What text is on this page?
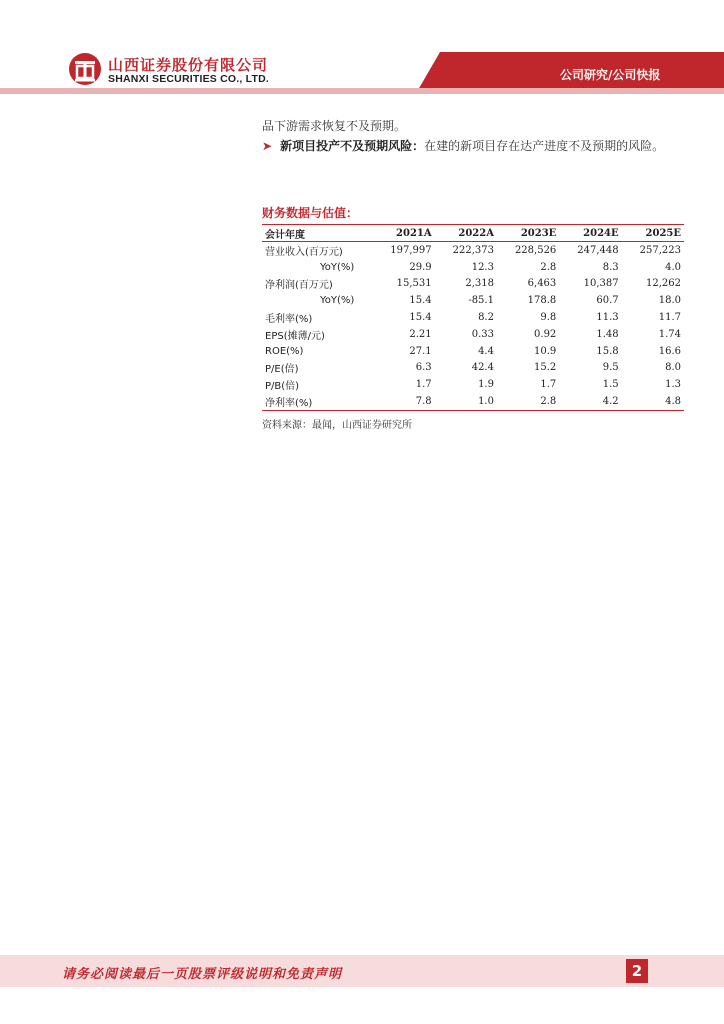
山西证券股份有限公司
SHANXI SECURITIES CO., LTD.	公司研究/公司快报
品下游需求恢复不及预期。
➤ 新项目投产不及预期风险：在建的新项目存在达产进度不及预期的风险。
财务数据与估值：
会计年度	2021A	2022A	2023E	2024E	2025E
营业收入(百万元)	197,997	222,373	228,526	247,448	257,223
YoY(%)	29.9	12.3	2.8	8.3	4.0
净利润(百万元)	15,531	2,318	6,463	10,387	12,262
YoY(%)	15.4	-85.1	178.8	60.7	18.0
毛利率(%)	15.4	8.2	9.8	11.3	11.7
EPS(摊薄/元)	2.21	0.33	0.92	1.48	1.74
ROE(%)	27.1	4.4	10.9	15.8	16.6
P/E(倍)	6.3	42.4	15.2	9.5	8.0
P/B(倍)	1.7	1.9	1.7	1.5	1.3
净利率(%)	7.8	1.0	2.8	4.2	4.8
资料来源：最闻，山西证券研究所
请务必阅读最后一页股票评级说明和免责声明	2
